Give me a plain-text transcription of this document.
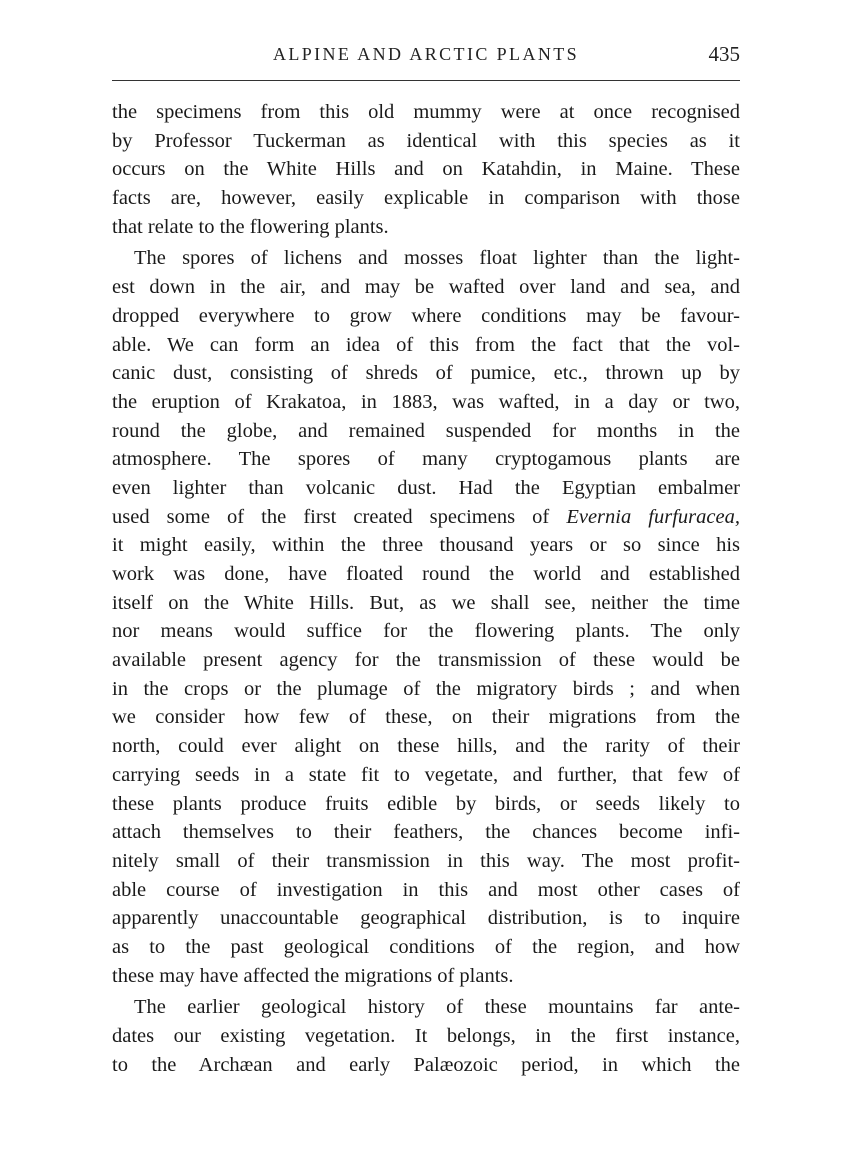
ALPINE AND ARCTIC PLANTS	435
the specimens from this old mummy were at once recognised
by Professor Tuckerman as identical with this species as it
occurs on the White Hills and on Katahdin, in Maine. These
facts are, however, easily explicable in comparison with those
that relate to the flowering plants.
The spores of lichens and mosses float lighter than the light-
est down in the air, and may be wafted over land and sea, and
dropped everywhere to grow where conditions may be favour-
able. We can form an idea of this from the fact that the vol-
canic dust, consisting of shreds of pumice, etc., thrown up by
the eruption of Krakatoa, in 1883, was wafted, in a day or two,
round the globe, and remained suspended for months in the
atmosphere. The spores of many cryptogamous plants are
even lighter than volcanic dust. Had the Egyptian embalmer
used some of the first created specimens of Evernia furfuracea,
it might easily, within the three thousand years or so since his
work was done, have floated round the world and established
itself on the White Hills. But, as we shall see, neither the time
nor means would suffice for the flowering plants. The only
available present agency for the transmission of these would be
in the crops or the plumage of the migratory birds ; and when
we consider how few of these, on their migrations from the
north, could ever alight on these hills, and the rarity of their
carrying seeds in a state fit to vegetate, and further, that few of
these plants produce fruits edible by birds, or seeds likely to
attach themselves to their feathers, the chances become infi-
nitely small of their transmission in this way. The most profit-
able course of investigation in this and most other cases of
apparently unaccountable geographical distribution, is to inquire
as to the past geological conditions of the region, and how
these may have affected the migrations of plants.
The earlier geological history of these mountains far ante-
dates our existing vegetation. It belongs, in the first instance,
to the Archæan and early Palæozoic period, in which the
